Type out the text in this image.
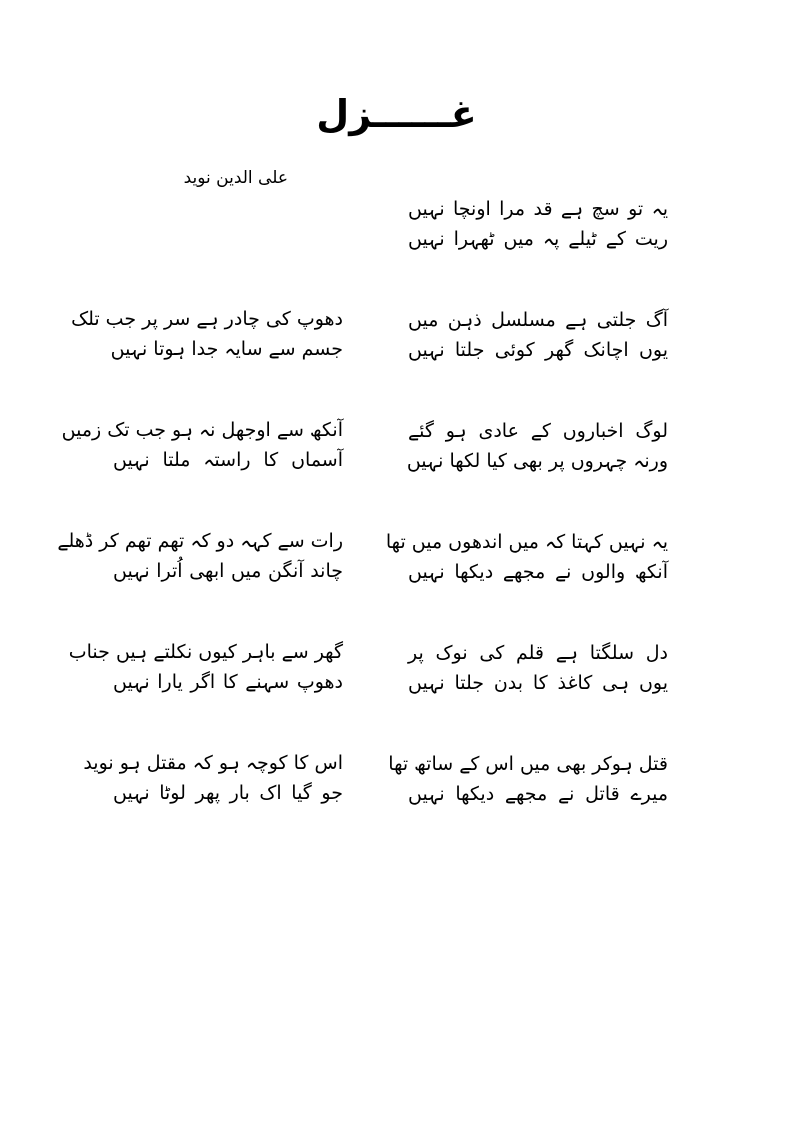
غــــــزل
علی الدین نوید
یہ تو سچ ہے قد مرا اونچا نہیں
ریت کے ٹیلے پہ میں ٹھہرا نہیں
آگ جلتی ہے مسلسل ذہن میں
یوں اچانک گھر کوئی جلتا نہیں
لوگ اخباروں کے عادی ہو گئے
ورنہ چہروں پر بھی کیا لکھا نہیں
یہ نہیں کہتا کہ میں اندھوں میں تھا
آنکھ والوں نے مجھے دیکھا نہیں
دل سلگتا ہے قلم کی نوک پر
یوں ہی کاغذ کا بدن جلتا نہیں
قتل ہوکر بھی میں اس کے ساتھ تھا
میرے قاتل نے مجھے دیکھا نہیں
دھوپ کی چادر ہے سر پر جب تلک
جسم سے سایہ جدا ہوتا نہیں
آنکھ سے اوجھل نہ ہو جب تک زمیں
آسماں کا راستہ ملتا نہیں
رات سے کہہ دو کہ تھم تھم کر ڈھلے
چاند آنگن میں ابھی اُترا نہیں
گھر سے باہر کیوں نکلتے ہیں جناب
دھوپ سہنے کا اگر یارا نہیں
اس کا کوچہ ہو کہ مقتل ہو نوید
جو گیا اک بار پھر لوٹا نہیں
